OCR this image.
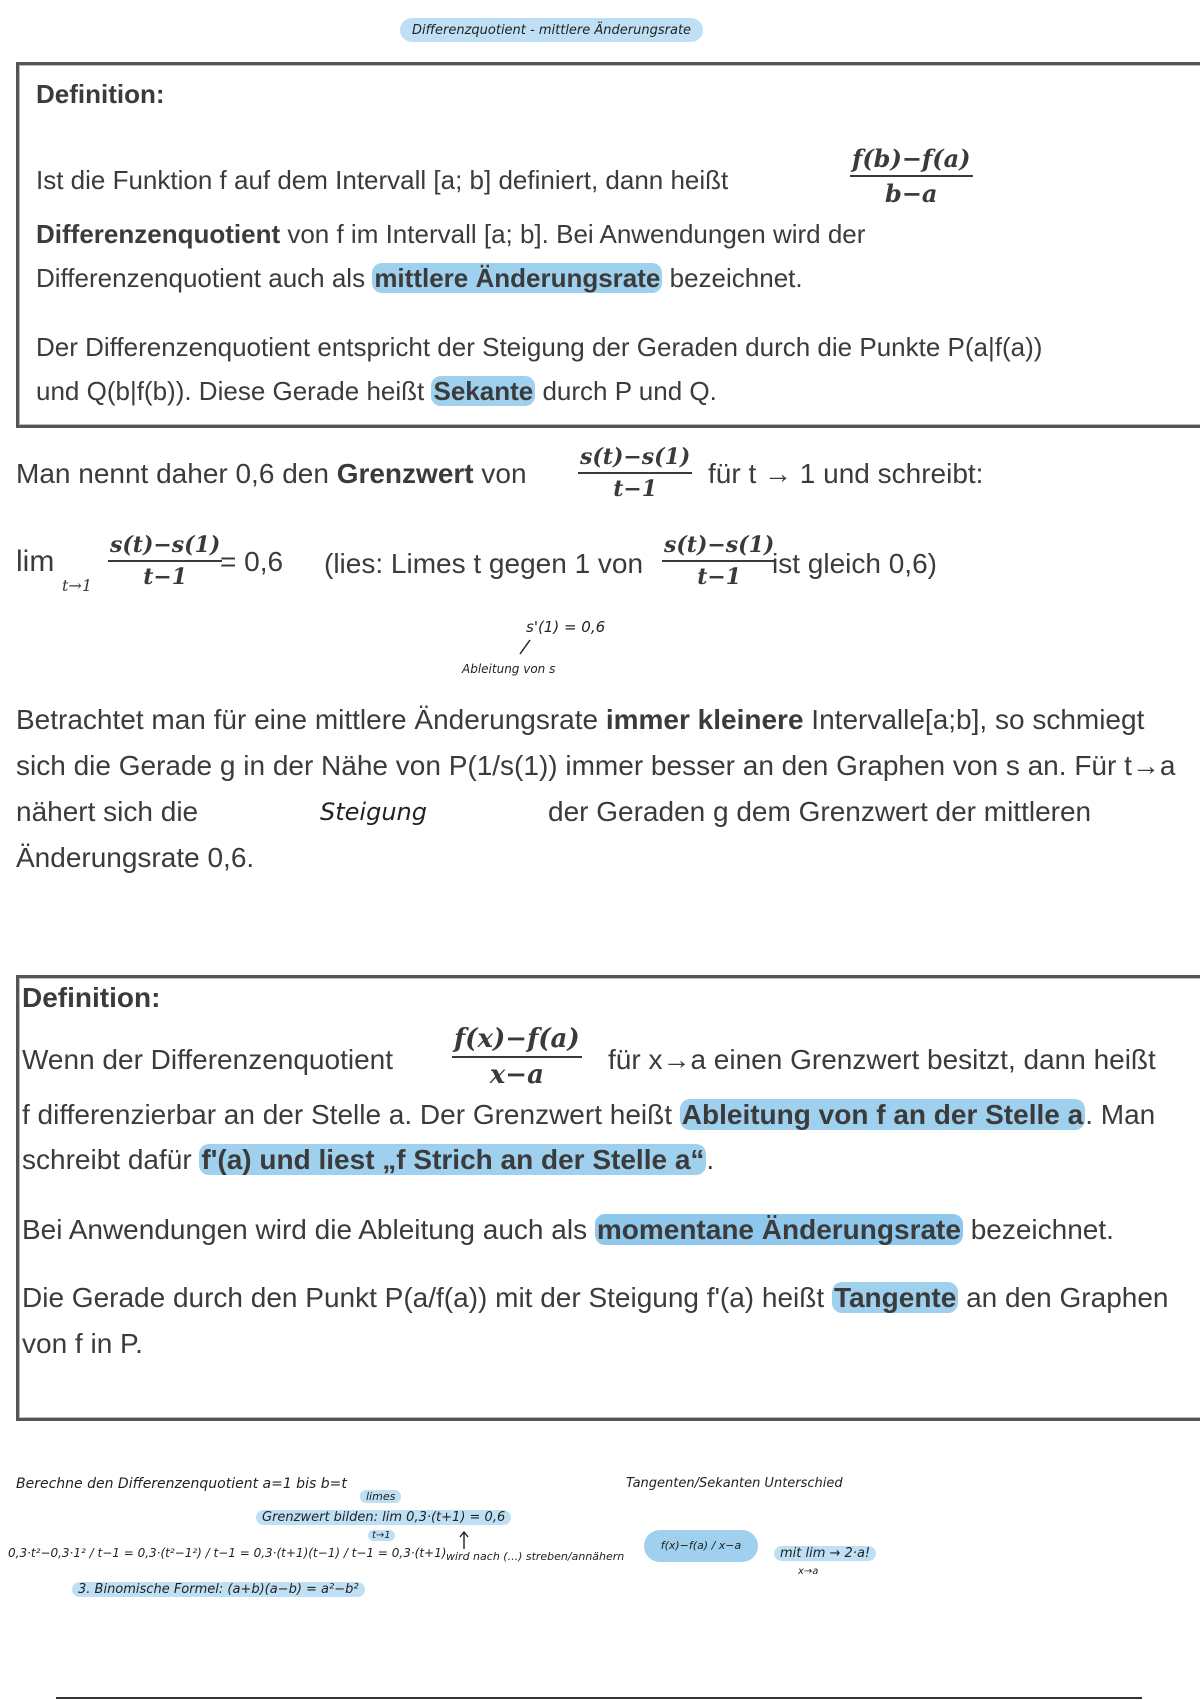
Differenzquotient - mittlere Änderungsrate
Definition:
Ist die Funktion f auf dem Intervall [a; b] definiert, dann heißt	$\frac{f(b)-f(a)}{b-a}$
Differenzenquotient von f im Intervall [a; b]. Bei Anwendungen wird der
Differenzenquotient auch als mittlere Änderungsrate bezeichnet.
Der Differenzenquotient entspricht der Steigung der Geraden durch die Punkte P(a|f(a))
und Q(b|f(b)). Diese Gerade heißt Sekante durch P und Q.
Man nennt daher 0,6 den Grenzwert von $\frac{s(t)-s(1)}{t-1}$ für t → 1 und schreibt:
lim
$t\to 1 \frac{s(t)-s(1)}{t-1}$
= 0,6 (lies: Limes t gegen 1 von $\frac{s(t)-s(1)}{t-1}$
ist gleich 0,6)
s'(1) = 0,6
Ableitung von s
Betrachtet man für eine mittlere Änderungsrate immer kleinere Intervalle[a;b], so schmiegt
sich die Gerade g in der Nähe von P(1/s(1)) immer besser an den Graphen von s an. Für t→a
nähert sich die	Steigung	der Geraden g dem Grenzwert der mittleren
Änderungsrate 0,6.
Definition:
Wenn der Differenzenquotient $\frac{f(x)-f(a)}{x-a}$ für x→a einen Grenzwert besitzt, dann heißt
f differenzierbar an der Stelle a. Der Grenzwert heißt Ableitung von f an der Stelle a. Man
schreibt dafür f'(a) und liest „f Strich an der Stelle a“.
Bei Anwendungen wird die Ableitung auch als momentane Änderungsrate bezeichnet.
Die Gerade durch den Punkt P(a/f(a)) mit der Steigung f'(a) heißt Tangente an den Graphen
von f in P.
Berechne den Differenzenquotient a=1 bis b=t
limes
Grenzwert bilden: lim 0,3·(t+1) = 0,6
t→1
0,3·t²−0,3·1² / t−1 = 0,3·(t²−1²) / t−1 = 0,3·(t+1)(t−1) / t−1 = 0,3·(t+1)
3. Binomische Formel: (a+b)(a−b) = a²−b²
wird nach (...) streben/annähern
Tangenten/Sekanten Unterschied
f(x)−f(a) / x−a
mit lim → 2·a!
x→a
